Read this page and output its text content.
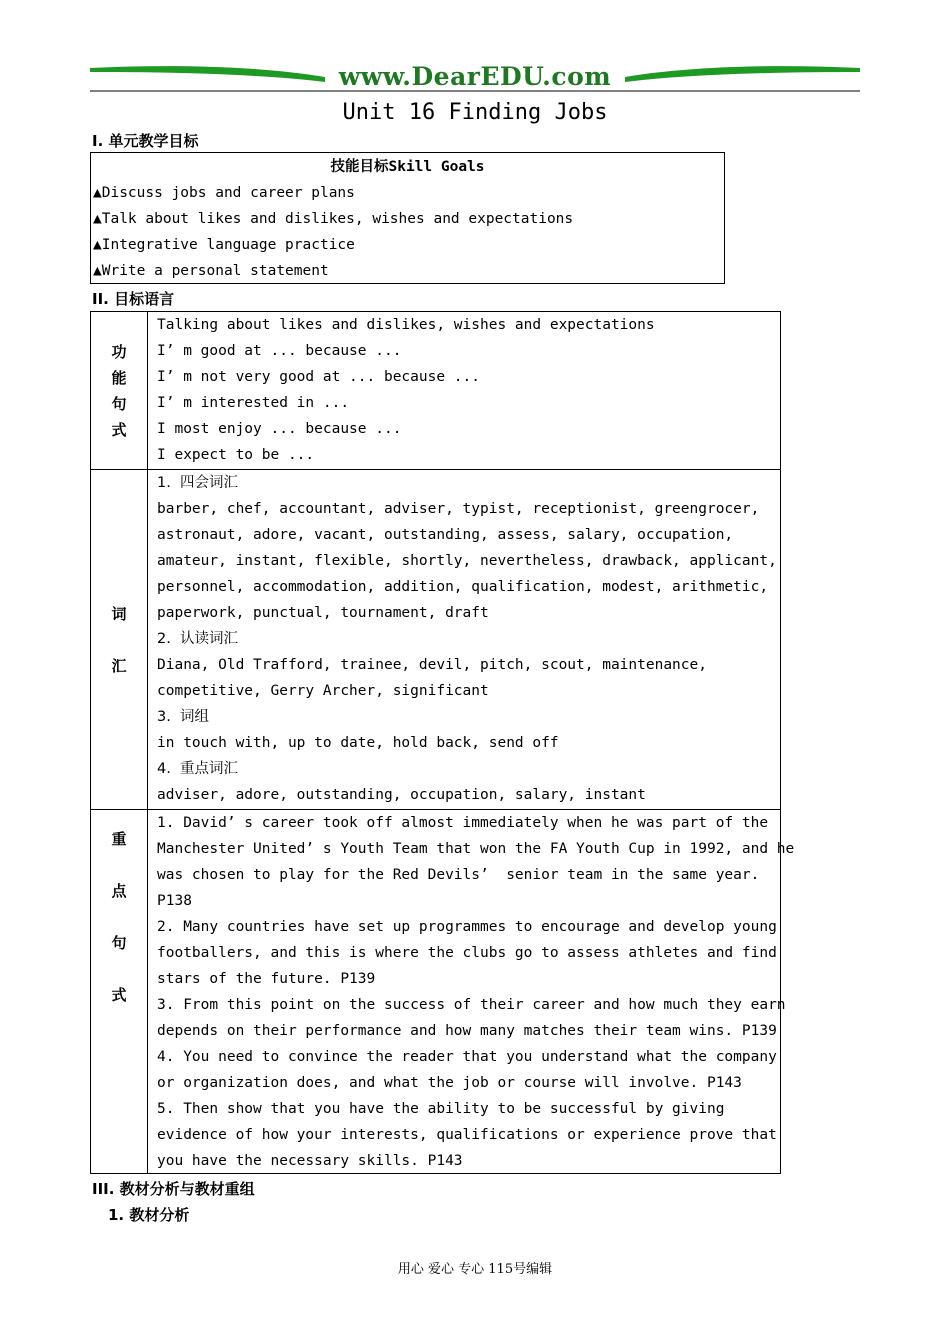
www.DearEDU.com
Unit 16 Finding Jobs
Ⅰ. 单元教学目标
技能目标Skill Goals
▲Discuss jobs and career plans
▲Talk about likes and dislikes, wishes and expectations
▲Integrative language practice
▲Write a personal statement
II. 目标语言
功
能
句
式
Talking about likes and dislikes, wishes and expectations
I’ m good at ... because ...
I’ m not very good at ... because ...
I’ m interested in ...
I most enjoy ... because ...
I expect to be ...
词
汇
1.  四会词汇
barber, chef, accountant, adviser, typist, receptionist, greengrocer,
astronaut, adore, vacant, outstanding, assess, salary, occupation,
amateur, instant, flexible, shortly, nevertheless, drawback, applicant,
personnel, accommodation, addition, qualification, modest, arithmetic,
paperwork, punctual, tournament, draft
2.  认读词汇
Diana, Old Trafford, trainee, devil, pitch, scout, maintenance,
competitive, Gerry Archer, significant
3.  词组
in touch with, up to date, hold back, send off
4.  重点词汇
adviser, adore, outstanding, occupation, salary, instant
重
点
句
式
1. David’ s career took off almost immediately when he was part of the
Manchester United’ s Youth Team that won the FA Youth Cup in 1992, and he
was chosen to play for the Red Devils’  senior team in the same year.
P138
2. Many countries have set up programmes to encourage and develop young
footballers, and this is where the clubs go to assess athletes and find
stars of the future. P139
3. From this point on the success of their career and how much they earn
depends on their performance and how many matches their team wins. P139
4. You need to convince the reader that you understand what the company
or organization does, and what the job or course will involve. P143
5. Then show that you have the ability to be successful by giving
evidence of how your interests, qualifications or experience prove that
you have the necessary skills. P143
III. 教材分析与教材重组
1. 教材分析
用心 爱心 专心 115号编辑
